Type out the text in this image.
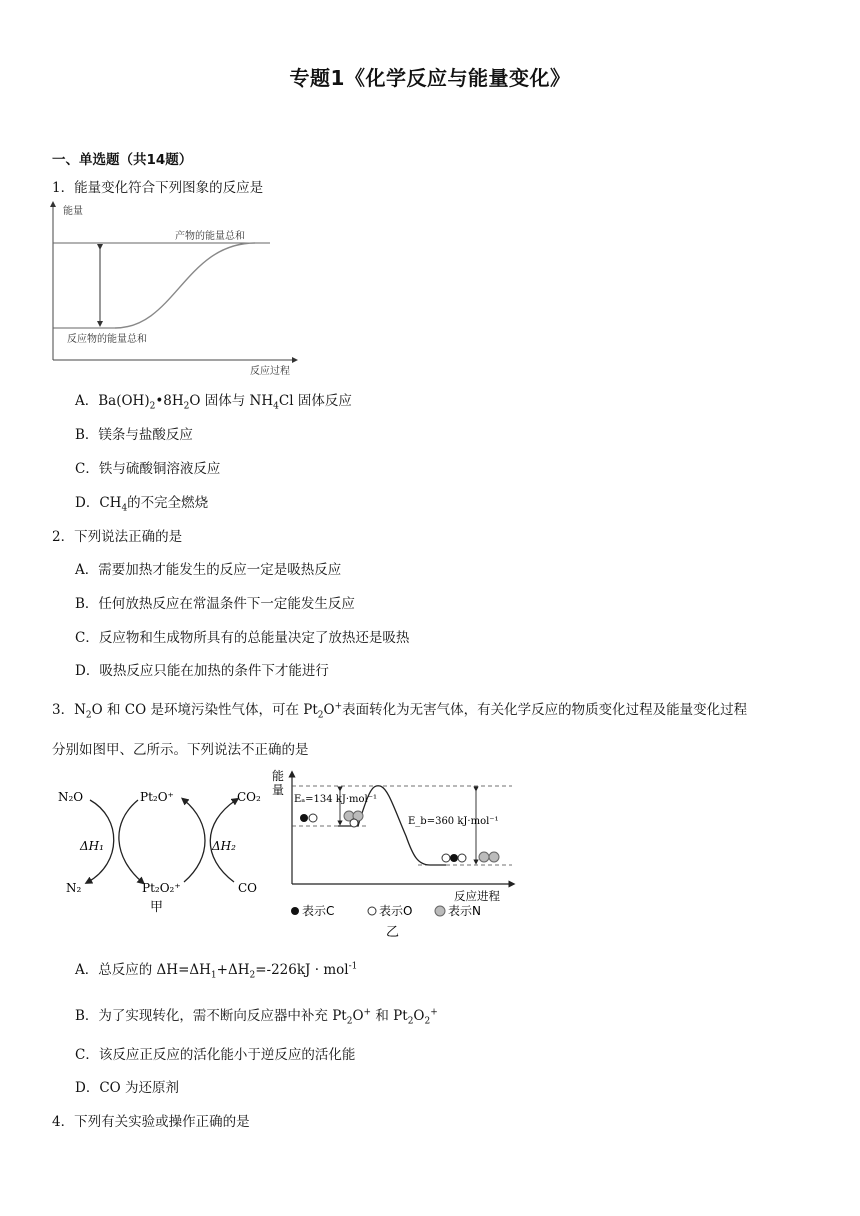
专题1《化学反应与能量变化》
一、单选题（共14题）
1．能量变化符合下列图象的反应是
能量
反应过程
产物的能量总和
反应物的能量总和
A．$Ba(OH)_2•8H_2O$ 固体与 $NH_4Cl$ 固体反应
B．镁条与盐酸反应
C．铁与硫酸铜溶液反应
D．$CH_4$的不完全燃烧
2．下列说法正确的是
A．需要加热才能发生的反应一定是吸热反应
B．任何放热反应在常温条件下一定能发生反应
C．反应物和生成物所具有的总能量决定了放热还是吸热
D．吸热反应只能在加热的条件下才能进行
3．$N_2O$ 和 CO 是环境污染性气体，可在 $Pt_2O^+$表面转化为无害气体，有关化学反应的物质变化过程及能量变化过程
分别如图甲、乙所示。下列说法不正确的是
N₂O	Pt₂O⁺	CO₂
N₂	Pt₂O₂⁺	CO
ΔH₁	ΔH₂
甲
能
量
Eₐ=134 kJ·mol⁻¹
E_b=360 kJ·mol⁻¹
反应进程
表示C	表示O	表示N
乙
A．总反应的 $\Delta H=\Delta H_1+\Delta H_2=-226kJ \cdot mol^{-1}$
B．为了实现转化，需不断向反应器中补充 $Pt_2O^+$ 和 $Pt_2O_2^+$
C．该反应正反应的活化能小于逆反应的活化能
D．CO 为还原剂
4．下列有关实验或操作正确的是
